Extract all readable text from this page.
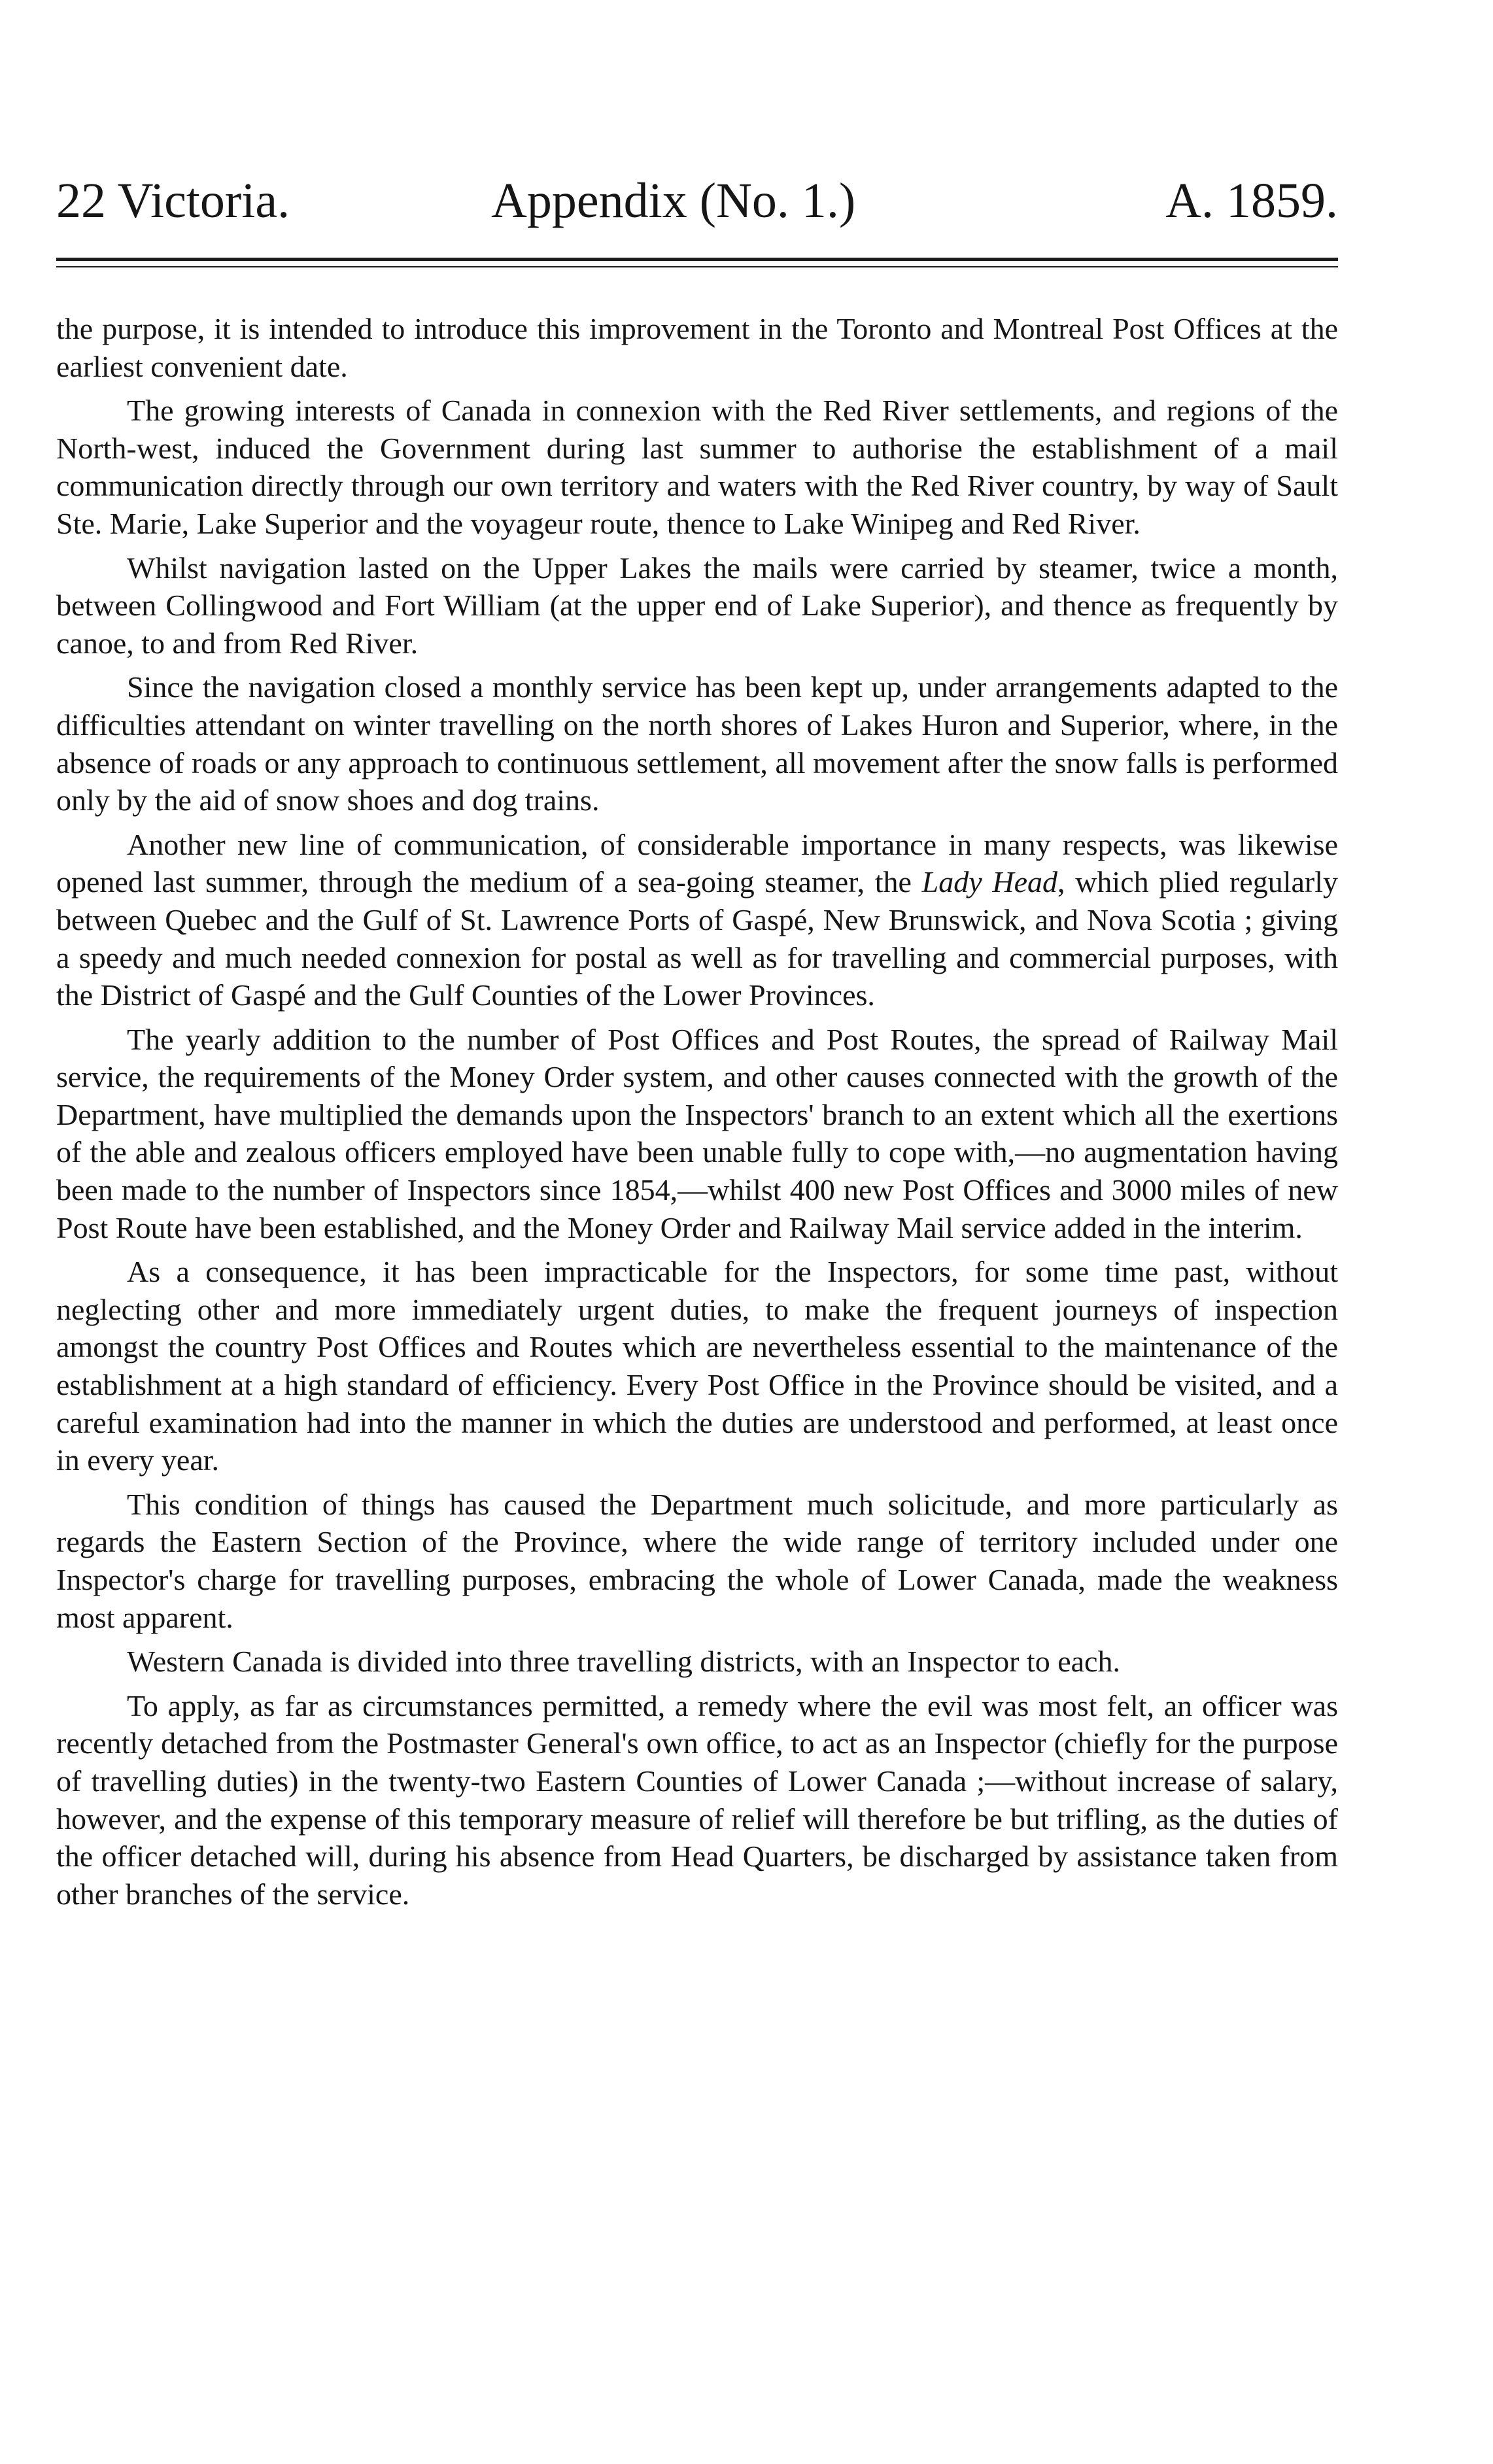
22 Victoria.	Appendix (No. 1.)	A. 1859.

the purpose, it is intended to introduce this improvement in the Toronto and Montreal Post Offices at the earliest convenient date.

The growing interests of Canada in connexion with the Red River settlements, and regions of the North-west, induced the Government during last summer to authorise the establishment of a mail communication directly through our own territory and waters with the Red River country, by way of Sault Ste. Marie, Lake Superior and the voyageur route, thence to Lake Winipeg and Red River.

Whilst navigation lasted on the Upper Lakes the mails were carried by steamer, twice a month, between Collingwood and Fort William (at the upper end of Lake Superior), and thence as frequently by canoe, to and from Red River.

Since the navigation closed a monthly service has been kept up, under arrangements adapted to the difficulties attendant on winter travelling on the north shores of Lakes Huron and Superior, where, in the absence of roads or any approach to continuous settlement, all movement after the snow falls is performed only by the aid of snow shoes and dog trains.

Another new line of communication, of considerable importance in many respects, was likewise opened last summer, through the medium of a sea-going steamer, the Lady Head, which plied regularly between Quebec and the Gulf of St. Lawrence Ports of Gaspé, New Brunswick, and Nova Scotia ; giving a speedy and much needed connexion for postal as well as for travelling and commercial purposes, with the District of Gaspé and the Gulf Counties of the Lower Provinces.

The yearly addition to the number of Post Offices and Post Routes, the spread of Railway Mail service, the requirements of the Money Order system, and other causes connected with the growth of the Department, have multiplied the demands upon the Inspectors' branch to an extent which all the exertions of the able and zealous officers employed have been unable fully to cope with,—no augmentation having been made to the number of Inspectors since 1854,—whilst 400 new Post Offices and 3000 miles of new Post Route have been established, and the Money Order and Railway Mail service added in the interim.

As a consequence, it has been impracticable for the Inspectors, for some time past, without neglecting other and more immediately urgent duties, to make the frequent journeys of inspection amongst the country Post Offices and Routes which are nevertheless essential to the maintenance of the establishment at a high standard of efficiency. Every Post Office in the Province should be visited, and a careful examination had into the manner in which the duties are understood and performed, at least once in every year.

This condition of things has caused the Department much solicitude, and more particularly as regards the Eastern Section of the Province, where the wide range of territory included under one Inspector's charge for travelling purposes, embracing the whole of Lower Canada, made the weakness most apparent.

Western Canada is divided into three travelling districts, with an Inspector to each.

To apply, as far as circumstances permitted, a remedy where the evil was most felt, an officer was recently detached from the Postmaster General's own office, to act as an Inspector (chiefly for the purpose of travelling duties) in the twenty-two Eastern Counties of Lower Canada ;—without increase of salary, however, and the expense of this temporary measure of relief will therefore be but trifling, as the duties of the officer detached will, during his absence from Head Quarters, be discharged by assistance taken from other branches of the service.
